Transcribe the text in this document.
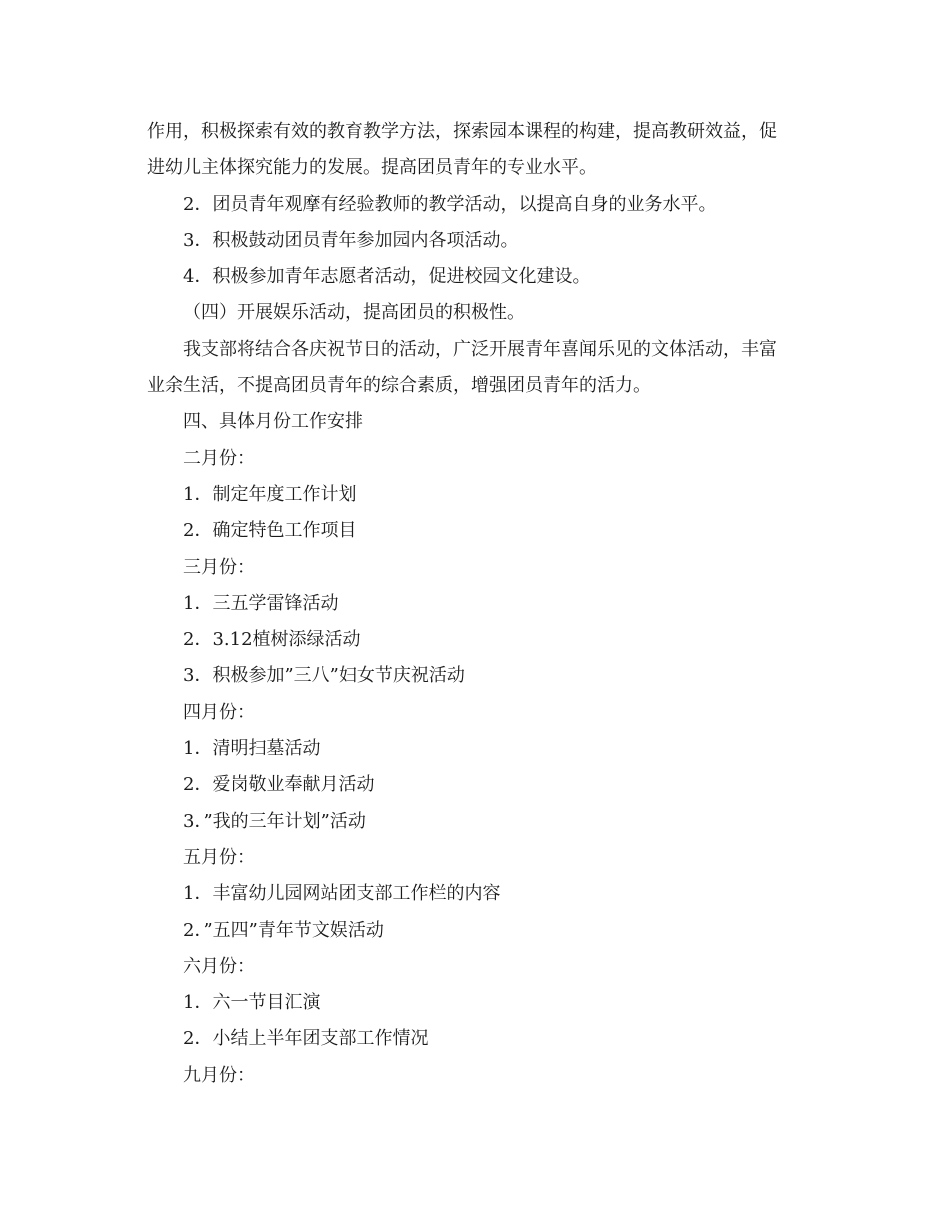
作用，积极探索有效的教育教学方法，探索园本课程的构建，提高教研效益，促

进幼儿主体探究能力的发展。提高团员青年的专业水平。

2．团员青年观摩有经验教师的教学活动，以提高自身的业务水平。

3．积极鼓动团员青年参加园内各项活动。

4．积极参加青年志愿者活动，促进校园文化建设。

（四）开展娱乐活动，提高团员的积极性。

我支部将结合各庆祝节日的活动，广泛开展青年喜闻乐见的文体活动，丰富

业余生活，不提高团员青年的综合素质，增强团员青年的活力。

四、具体月份工作安排

二月份：

1．制定年度工作计划

2．确定特色工作项目

三月份：

1．三五学雷锋活动

2．3.12植树添绿活动

3．积极参加”三八”妇女节庆祝活动

四月份：

1．清明扫墓活动

2．爱岗敬业奉献月活动

3．”我的三年计划”活动

五月份：

1．丰富幼儿园网站团支部工作栏的内容

2．”五四”青年节文娱活动

六月份：

1．六一节目汇演

2．小结上半年团支部工作情况

九月份：
